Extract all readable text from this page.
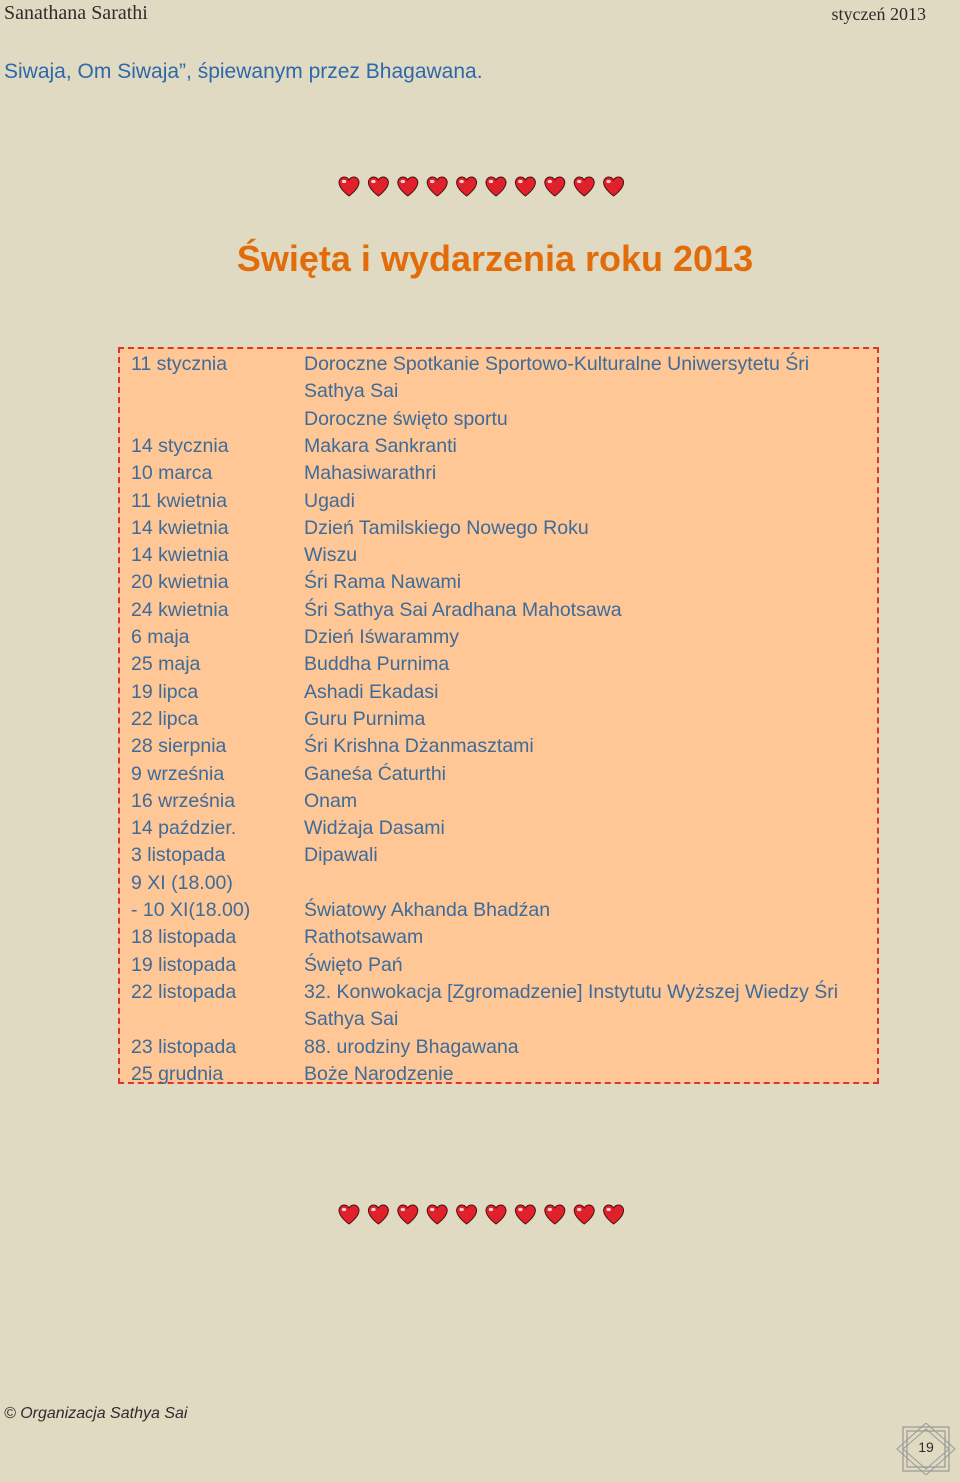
Sanathana Sarathi	styczeń 2013
Siwaja, Om Siwaja”, śpiewanym przez Bhagawana.
Święta i wydarzenia roku 2013
11 stycznia	Doroczne Spotkanie Sportowo-Kulturalne Uniwersytetu Śri
Sathya Sai
Doroczne święto sportu
14 stycznia	Makara Sankranti
10 marca	Mahasiwarathri
11 kwietnia	Ugadi
14 kwietnia	Dzień Tamilskiego Nowego Roku
14 kwietnia	Wiszu
20 kwietnia	Śri Rama Nawami
24 kwietnia	Śri Sathya Sai Aradhana Mahotsawa
6 maja	Dzień Iśwarammy
25 maja	Buddha Purnima
19 lipca	Ashadi Ekadasi
22 lipca	Guru Purnima
28 sierpnia	Śri Krishna Dżanmasztami
9 września	Ganeśa Ćaturthi
16 września	Onam
14 paździer.	Widżaja Dasami
3 listopada	Dipawali
9 XI (18.00)
- 10 XI(18.00)	Światowy Akhanda Bhadźan
18 listopada	Rathotsawam
19 listopada	Święto Pań
22 listopada	32. Konwokacja [Zgromadzenie] Instytutu Wyższej Wiedzy Śri
Sathya Sai
23 listopada	88. urodziny Bhagawana
25 grudnia	Boże Narodzenie
© Organizacja Sathya Sai
19
